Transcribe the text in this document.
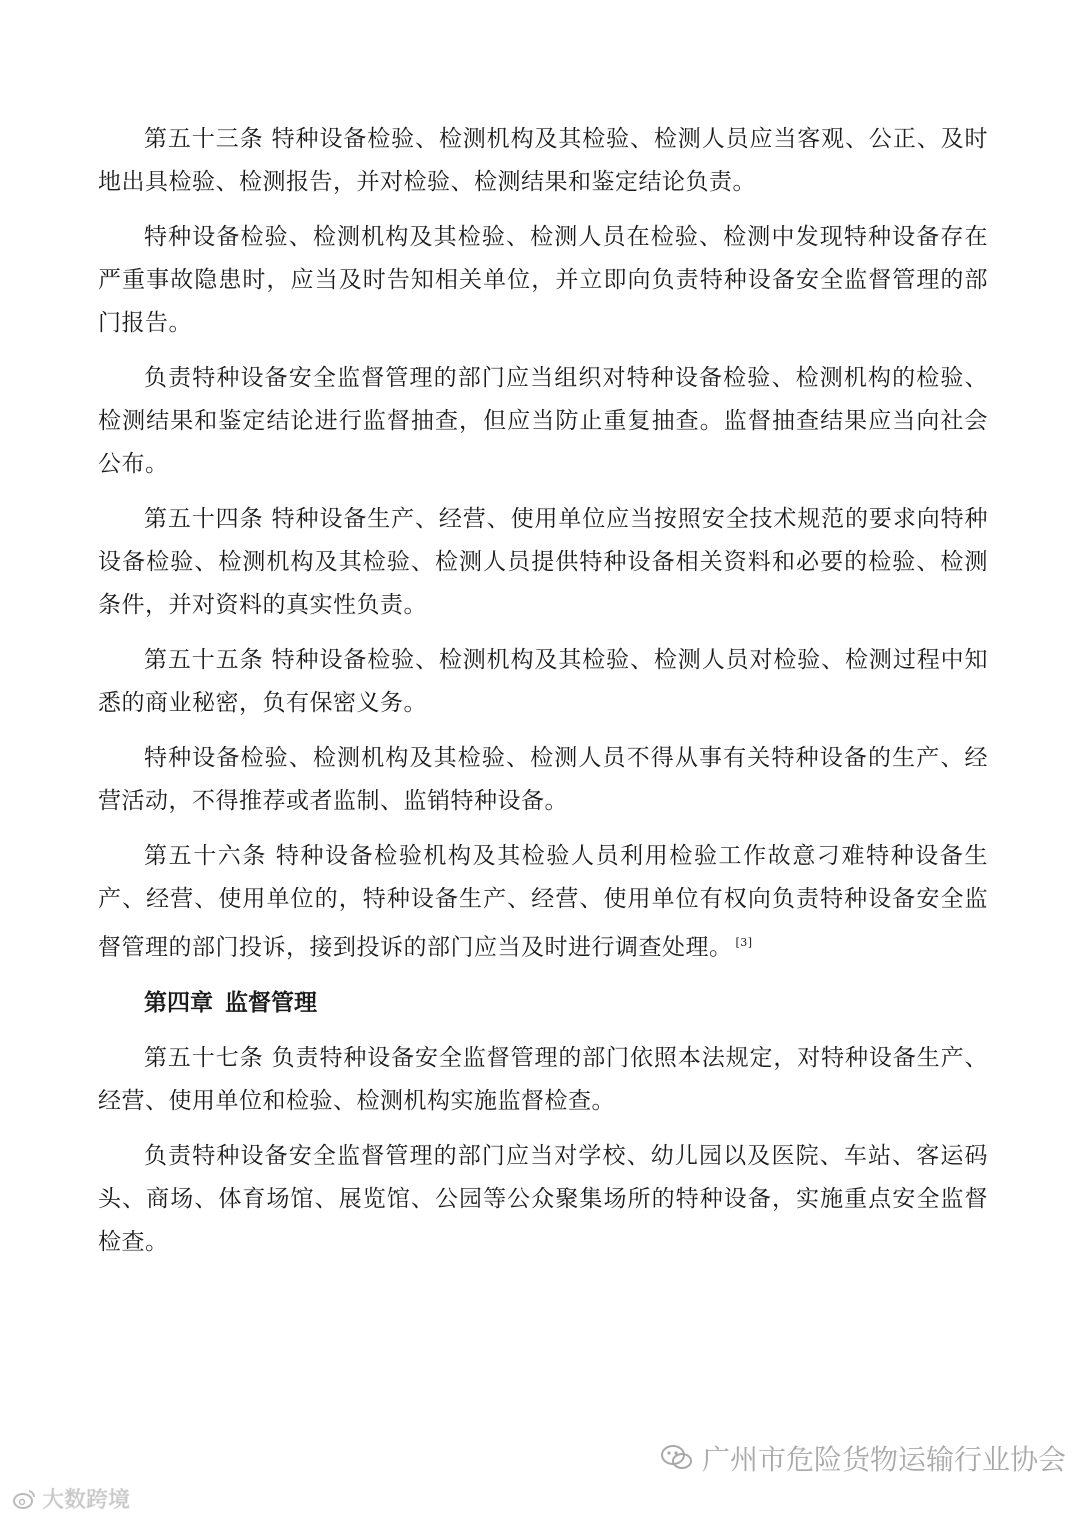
第五十三条 特种设备检验、检测机构及其检验、检测人员应当客观、公正、及时地出具检验、检测报告，并对检验、检测结果和鉴定结论负责。

特种设备检验、检测机构及其检验、检测人员在检验、检测中发现特种设备存在严重事故隐患时，应当及时告知相关单位，并立即向负责特种设备安全监督管理的部门报告。

负责特种设备安全监督管理的部门应当组织对特种设备检验、检测机构的检验、检测结果和鉴定结论进行监督抽查，但应当防止重复抽查。监督抽查结果应当向社会公布。

第五十四条 特种设备生产、经营、使用单位应当按照安全技术规范的要求向特种设备检验、检测机构及其检验、检测人员提供特种设备相关资料和必要的检验、检测条件，并对资料的真实性负责。

第五十五条 特种设备检验、检测机构及其检验、检测人员对检验、检测过程中知悉的商业秘密，负有保密义务。

特种设备检验、检测机构及其检验、检测人员不得从事有关特种设备的生产、经营活动，不得推荐或者监制、监销特种设备。

第五十六条 特种设备检验机构及其检验人员利用检验工作故意刁难特种设备生产、经营、使用单位的，特种设备生产、经营、使用单位有权向负责特种设备安全监督管理的部门投诉，接到投诉的部门应当及时进行调查处理。 [3]

第四章 监督管理

第五十七条 负责特种设备安全监督管理的部门依照本法规定，对特种设备生产、经营、使用单位和检验、检测机构实施监督检查。

负责特种设备安全监督管理的部门应当对学校、幼儿园以及医院、车站、客运码头、商场、体育场馆、展览馆、公园等公众聚集场所的特种设备，实施重点安全监督检查。

广州市危险货物运输行业协会
大数跨境
